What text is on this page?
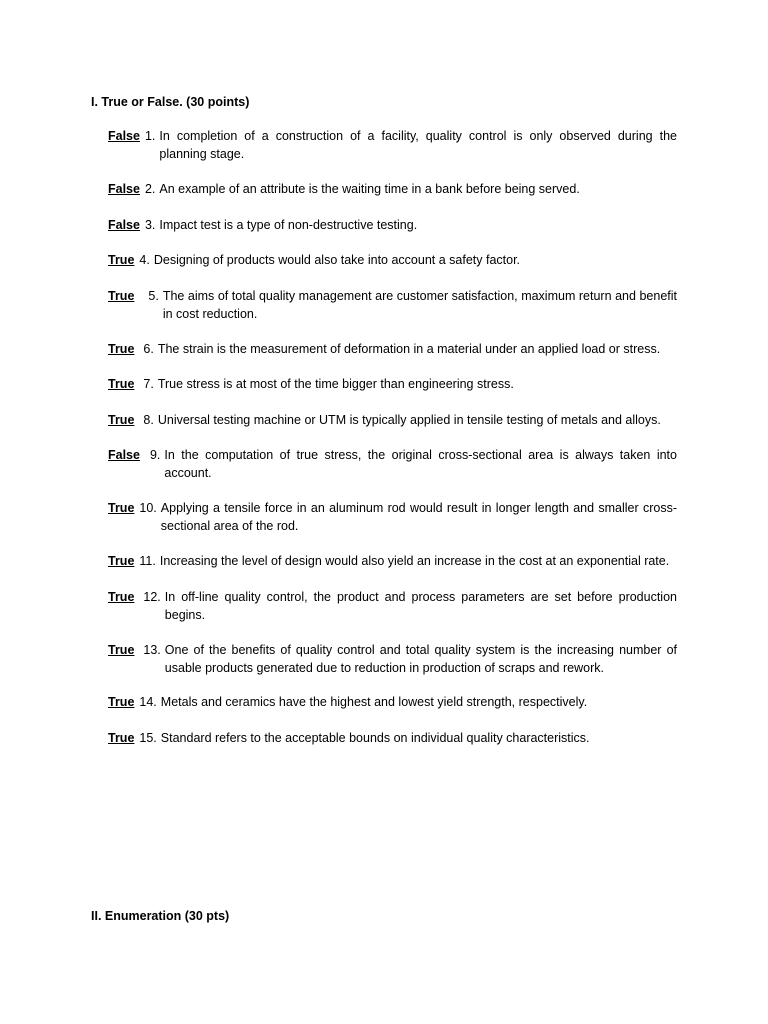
I. True or False. (30 points)
False 1. In completion of a construction of a facility, quality control is only observed during the planning stage.
False 2. An example of an attribute is the waiting time in a bank before being served.
False 3. Impact test is a type of non-destructive testing.
True 4. Designing of products would also take into account a safety factor.
True	5. The aims of total quality management are customer satisfaction, maximum return and benefit in cost reduction.
True 6. The strain is the measurement of deformation in a material under an applied load or stress.
True 7. True stress is at most of the time bigger than engineering stress.
True 8. Universal testing machine or UTM is typically applied in tensile testing of metals and alloys.
False 9. In the computation of true stress, the original cross-sectional area is always taken into account.
True 10. Applying a tensile force in an aluminum rod would result in longer length and smaller cross-sectional area of the rod.
True 11. Increasing the level of design would also yield an increase in the cost at an exponential rate.
True 12. In off-line quality control, the product and process parameters are set before production begins.
True 13. One of the benefits of quality control and total quality system is the increasing number of usable products generated due to reduction in production of scraps and rework.
True 14. Metals and ceramics have the highest and lowest yield strength, respectively.
True 15. Standard refers to the acceptable bounds on individual quality characteristics.
II. Enumeration (30 pts)
